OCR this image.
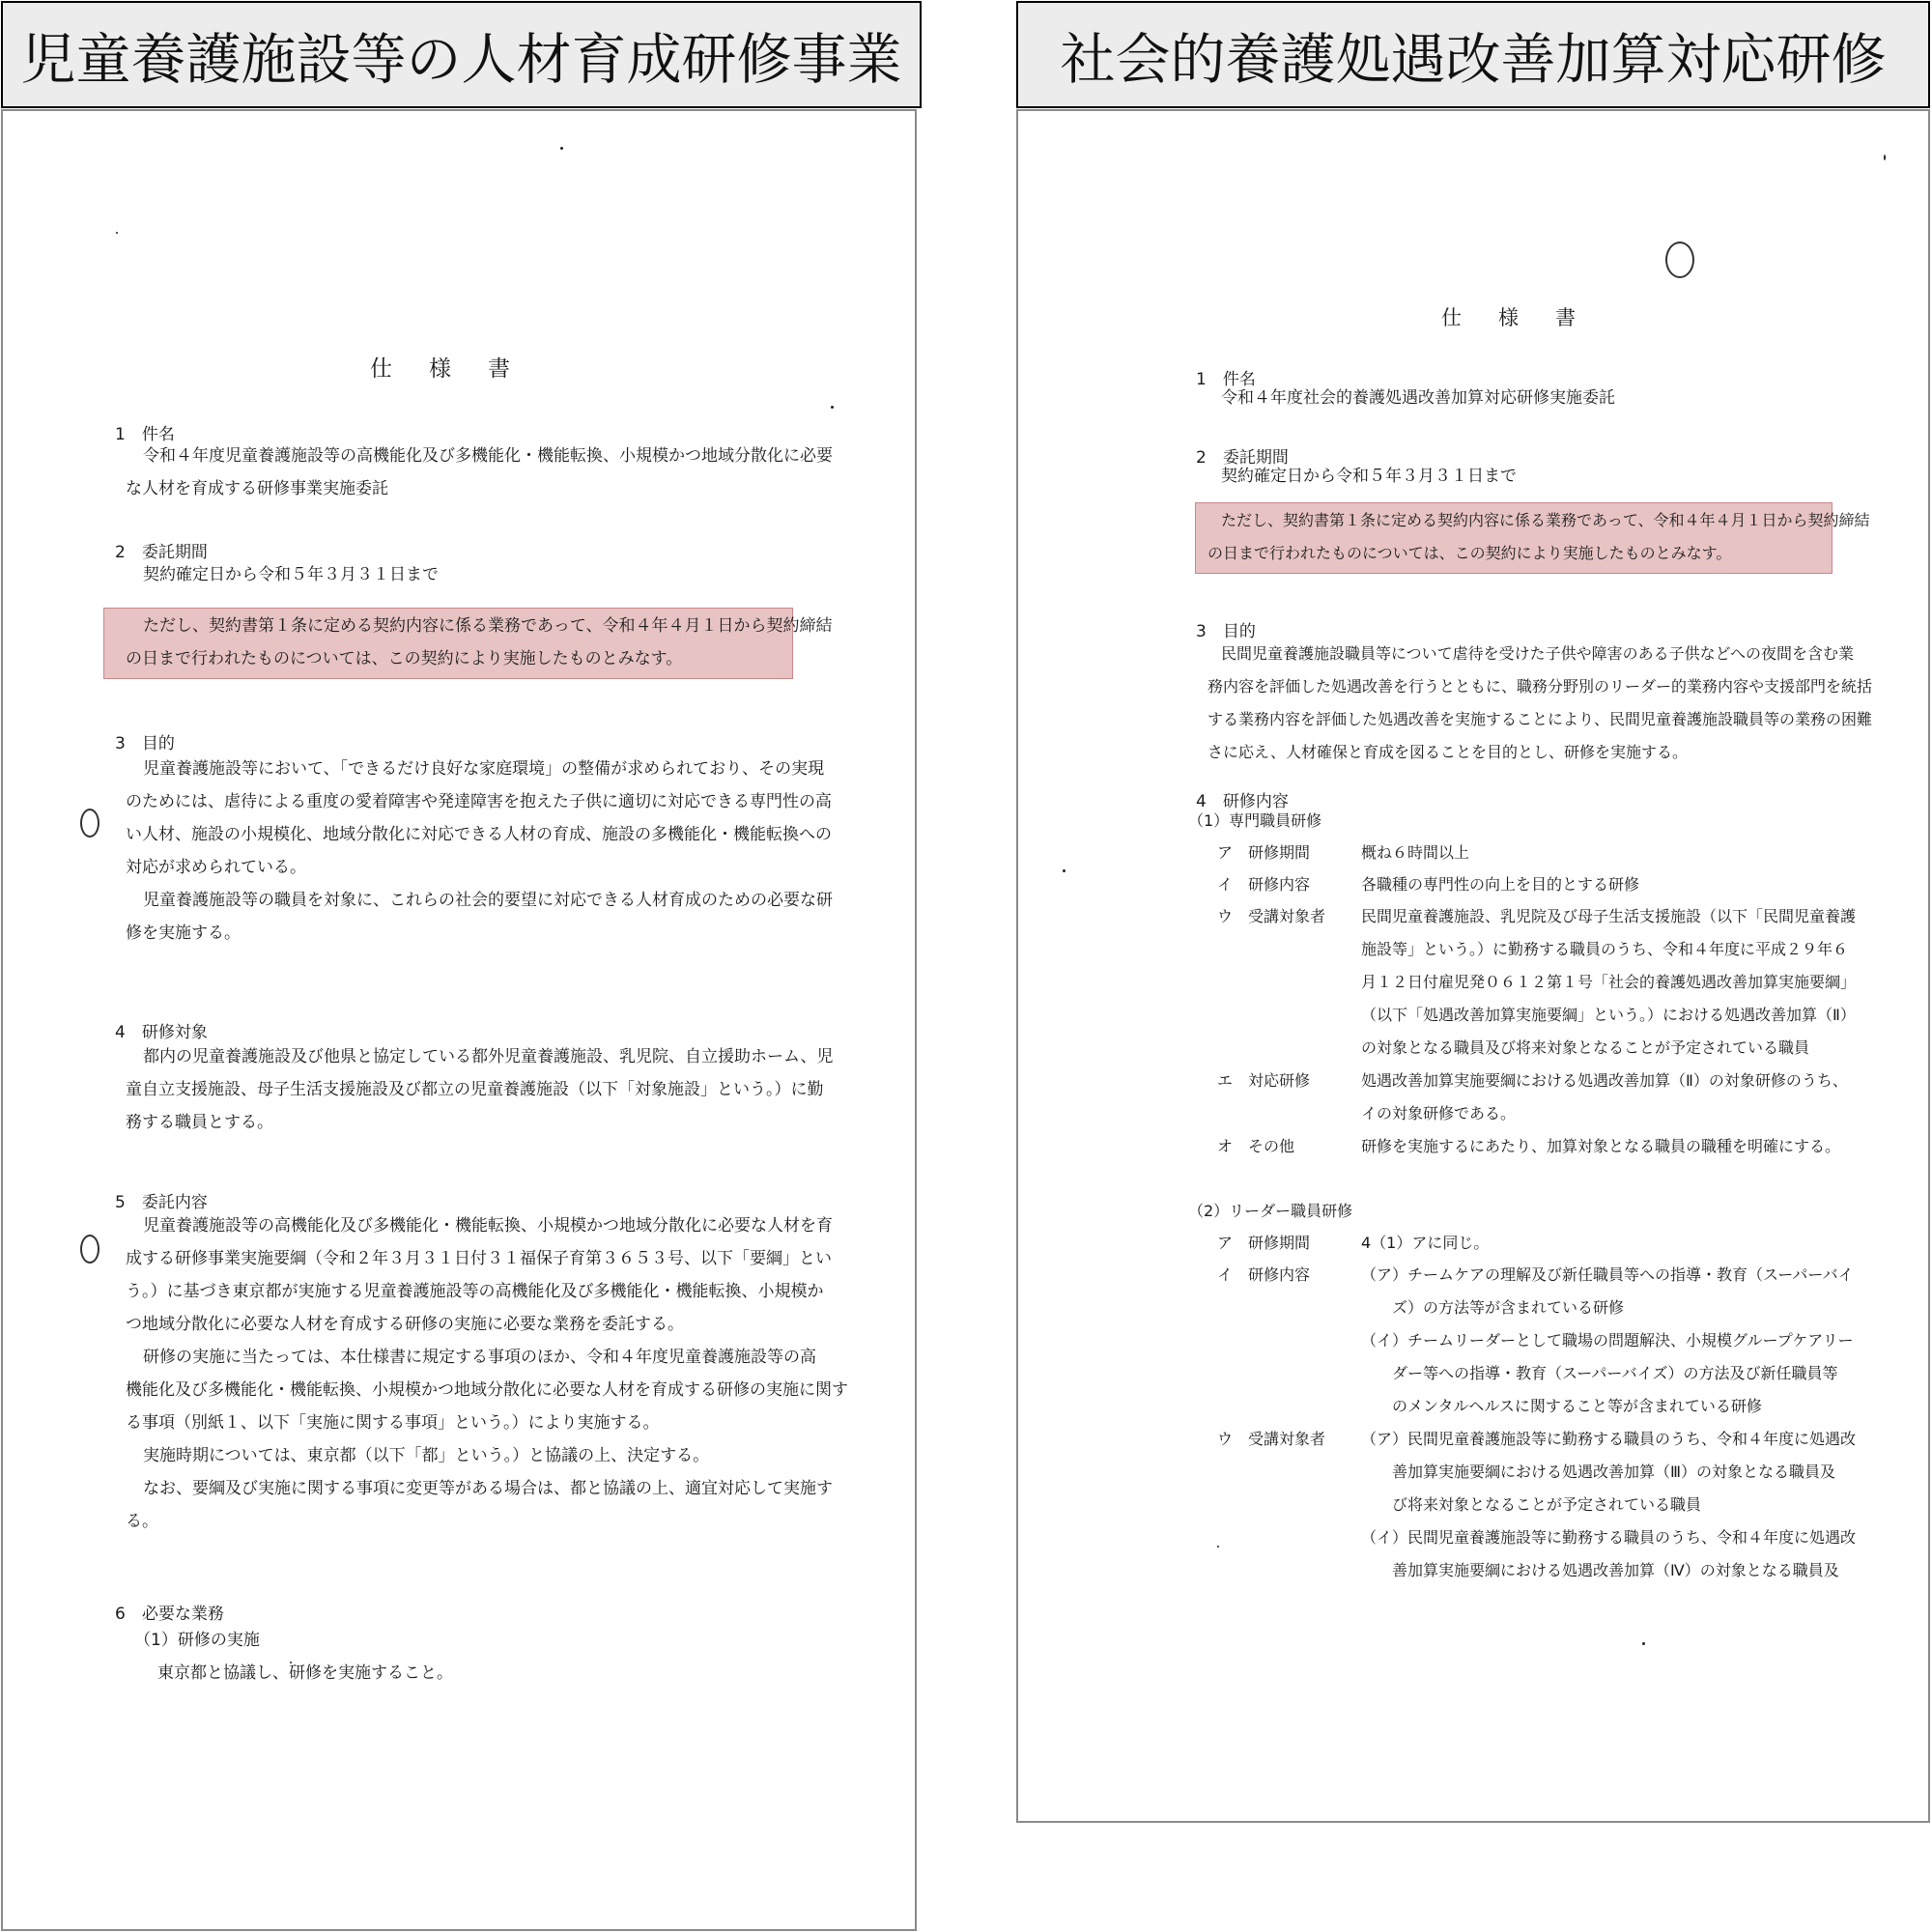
児童養護施設等の人材育成研修事業	社会的養護処遇改善加算対応研修
仕様書
1　件名
令和４年度児童養護施設等の高機能化及び多機能化・機能転換、小規模かつ地域分散化に必要
な人材を育成する研修事業実施委託
2　委託期間
契約確定日から令和５年３月３１日まで
ただし、契約書第１条に定める契約内容に係る業務であって、令和４年４月１日から契約締結
の日まで行われたものについては、この契約により実施したものとみなす。
3　目的
児童養護施設等において、「できるだけ良好な家庭環境」の整備が求められており、その実現
のためには、虐待による重度の愛着障害や発達障害を抱えた子供に適切に対応できる専門性の高
い人材、施設の小規模化、地域分散化に対応できる人材の育成、施設の多機能化・機能転換への
対応が求められている。
児童養護施設等の職員を対象に、これらの社会的要望に対応できる人材育成のための必要な研
修を実施する。
4　研修対象
都内の児童養護施設及び他県と協定している都外児童養護施設、乳児院、自立援助ホーム、児
童自立支援施設、母子生活支援施設及び都立の児童養護施設（以下「対象施設」という。）に勤
務する職員とする。
5　委託内容
児童養護施設等の高機能化及び多機能化・機能転換、小規模かつ地域分散化に必要な人材を育
成する研修事業実施要綱（令和２年３月３１日付３１福保子育第３６５３号、以下「要綱」とい
う。）に基づき東京都が実施する児童養護施設等の高機能化及び多機能化・機能転換、小規模か
つ地域分散化に必要な人材を育成する研修の実施に必要な業務を委託する。
研修の実施に当たっては、本仕様書に規定する事項のほか、令和４年度児童養護施設等の高
機能化及び多機能化・機能転換、小規模かつ地域分散化に必要な人材を育成する研修の実施に関す
る事項（別紙１、以下「実施に関する事項」という。）により実施する。
実施時期については、東京都（以下「都」という。）と協議の上、決定する。
なお、要綱及び実施に関する事項に変更等がある場合は、都と協議の上、適宜対応して実施す
る。
6　必要な業務
（1）研修の実施
東京都と協議し、研修を実施すること。
仕様書
1　件名
令和４年度社会的養護処遇改善加算対応研修実施委託
2　委託期間
契約確定日から令和５年３月３１日まで
ただし、契約書第１条に定める契約内容に係る業務であって、令和４年４月１日から契約締結
の日まで行われたものについては、この契約により実施したものとみなす。
3　目的
民間児童養護施設職員等について虐待を受けた子供や障害のある子供などへの夜間を含む業
務内容を評価した処遇改善を行うとともに、職務分野別のリーダー的業務内容や支援部門を統括
する業務内容を評価した処遇改善を実施することにより、民間児童養護施設職員等の業務の困難
さに応え、人材確保と育成を図ることを目的とし、研修を実施する。
4　研修内容
（1）専門職員研修
ア　研修期間	概ね６時間以上
イ　研修内容	各職種の専門性の向上を目的とする研修
ウ　受講対象者 民間児童養護施設、乳児院及び母子生活支援施設（以下「民間児童養護
施設等」という。）に勤務する職員のうち、令和４年度に平成２９年６
月１２日付雇児発０６１２第１号「社会的養護処遇改善加算実施要綱」
（以下「処遇改善加算実施要綱」という。）における処遇改善加算（Ⅱ）
の対象となる職員及び将来対象となることが予定されている職員
エ　対応研修	処遇改善加算実施要綱における処遇改善加算（Ⅱ）の対象研修のうち、
イの対象研修である。
オ　その他	研修を実施するにあたり、加算対象となる職員の職種を明確にする。
（2）リーダー職員研修
ア　研修期間	4（1）アに同じ。
イ　研修内容	（ア）チームケアの理解及び新任職員等への指導・教育（スーパーバイ
　　ズ）の方法等が含まれている研修
（イ）チームリーダーとして職場の問題解決、小規模グループケアリー
　　ダー等への指導・教育（スーパーバイズ）の方法及び新任職員等
　　のメンタルヘルスに関すること等が含まれている研修
ウ　受講対象者 （ア）民間児童養護施設等に勤務する職員のうち、令和４年度に処遇改
　　善加算実施要綱における処遇改善加算（Ⅲ）の対象となる職員及
　　び将来対象となることが予定されている職員
（イ）民間児童養護施設等に勤務する職員のうち、令和４年度に処遇改
　　善加算実施要綱における処遇改善加算（Ⅳ）の対象となる職員及
